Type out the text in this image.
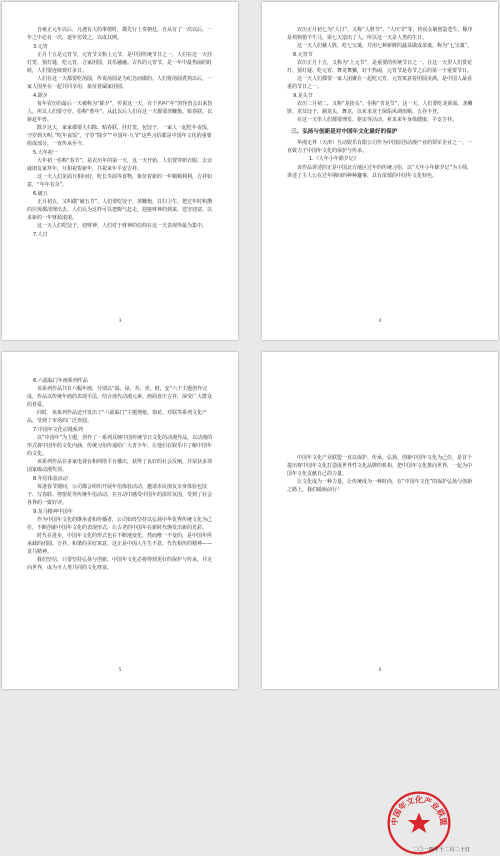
自雍正元年以后，凡遇有大的事情时，都先行上奏朝廷。自从有了一次以后，一年之中必有一次，逐年仿效之，以成其例。

3.元宵

正月十五是元宵节，元宵节又称上元节，是中国传统节日之一，人们在这一天挂灯笼、猜灯谜、吃元宵，合家团圆，其乐融融。古代的元宵节，是一年中最热闹的时候，人们要连续观灯多日。

人们在这一天都要吃汤圆，传说汤圆是为纪念而做的。人们将汤圆煮熟以后，一家人围坐在一起共同享用，象征着阖家团圆。

4.除夕

每年农历的最后一天被称为“除夕”，传说这一天，有个名叫“年”的怪兽会出来伤人，所以人们要守岁，俗称“熬年”。从此以后人们在这一天都要放鞭炮、贴春联，以驱赶年兽。

除夕这天，家家都要大扫除、贴春联、挂灯笼、包饺子，一家人一起吃年夜饭，守岁到天明。”吃年夜饭”，守岁”除夕”“中国年·九节”这些习俗都是中国年文化的重要组成部分，一直传承至今。

5.大年初一

大年初一俗称“春节”，是农历年的第一天，这一天开始，人们要穿新衣服，去亲戚朋友家拜年，互相祝贺新年，共祝来年平安吉祥。

这一天人们见面互相问好，吃长寿面等食物，象征着新的一年顺顺利利，吉祥如意，“年年有余”。

6.破五

正月初五，又叫做“破五节”。人们要吃饺子，放鞭炮，打扫卫生，把过年时积攒的垃圾都清理出去。人们认为这样可以把晦气赶走，迎接财神的到来，送穷迎富，以求新的一年财源滚滚。

这一天人们吃饺子，迎财神，人们对于财神的信仰在这一天表现得最为集中。

7.人日

3

农历正月初七为“人日”，又称“人胜节”、“人庆节”等，传说女娲创造苍生，顺序是鸡狗猪羊牛马，第七天造出了人，所以这一天是人类的生日。

这一天人们戴人胜，吃七宝羹，并用七种新鲜的蔬菜做成菜羹，称为“七宝羹”。

8.元宵节

农历正月十五，又称为“上元节”，是重要的传统节日之一。在这一天里人们赏花灯、猜灯谜、吃元宵、舞龙舞狮，好不热闹，元宵节是春节之后的第一个重要节日。

这一天人们都要一家人团聚在一起吃元宵，元宵寓意着团圆美满，是中国人最看重的节日之一。

9.龙头节

农历二月初二，又称“龙抬头”，俗称“青龙节”，这一天，人们要吃龙须面、龙鳞饼、龙耳饺子，剃龙头，舞龙，以祈求龙王保佑风调雨顺、五谷丰登。

在这一天里人们都要理发、驱虫等活动，祈求来年身体健康，平安吉祥。

三、弘扬与创新是对中国年文化最好的保护

华漫无界（天津）互动娱乐有限公司作为中国原创动漫产业的领军企业之一，一直致力于中国年文化的保护与传承。

1.《大年小年除夕记》

该作品讲述的正是中国北方地区过年的传统习俗，以“大年小年除夕记”为主线，讲述了主人公在过年期间的种种趣事，具有浓郁的中国年文化特色。

4

6.六福临门年画系列作品

该系列作品共有六幅年画，分别以“福、禄、寿、喜、财、安”六个主题创作完成，作品以传统年画的表现手法，结合现代动漫元素，画面喜庆吉祥，深受广大群众的喜爱。

同时，该系列作品还开发出了“六福临门”主题剪纸、窗花、对联等系列文化产品，受到了市场的广泛欢迎。

7.中国年文化动漫系列

以“中国年”为主题，创作了一系列反映中国传统节日文化的动漫作品，以动漫的形式将中国年的文化内涵、传统习俗传递给广大青少年，让他们在娱乐中了解中国年的文化。

该系列作品在多家电视台和网络平台播出，获得了良好的社会反响，并荣获多项国家级动漫奖项。

8.年俗体验活动

每逢春节期间，公司都会组织开展年俗体验活动，邀请市民朋友亲身体验包饺子、写春联、剪窗花等传统年俗活动，在互动中感受中国年的浓厚氛围，受到了社会各界的一致好评。

9.龙马精神中国年

作为中国年文化的继承者和传播者，公司始终坚持以弘扬中华优秀传统文化为己任，不断创新中国年文化的表现形式，让古老的中国年在新时代焕发出新的光彩。

时代在进步，中国年文化的形式也在不断地变化，然而唯一不变的，是中国年所承载的团圆、吉祥、和谐的美好寓意，这正是中国人生生不息、代代相传的精神——龙马精神。

我们坚信，只要坚持弘扬与创新，中国年文化必将得到更好的保护与传承，并走向世界，成为全人类共同的文化财富。

5

中国年文化产业联盟一直以保护、传承、弘扬、创新中国年文化为己任，是首个提出将中国年文化打造成世界性文化品牌的机构，把中国年文化推向世界，一起为中国年文化贡献自己的力量。

让文化成为一种力量，让传统成为一种时尚，在“中国年文化”的保护弘扬与创新之路上，我们砥砺前行！

中国年文化产业联盟
二〇一四年十二月二十日
6
